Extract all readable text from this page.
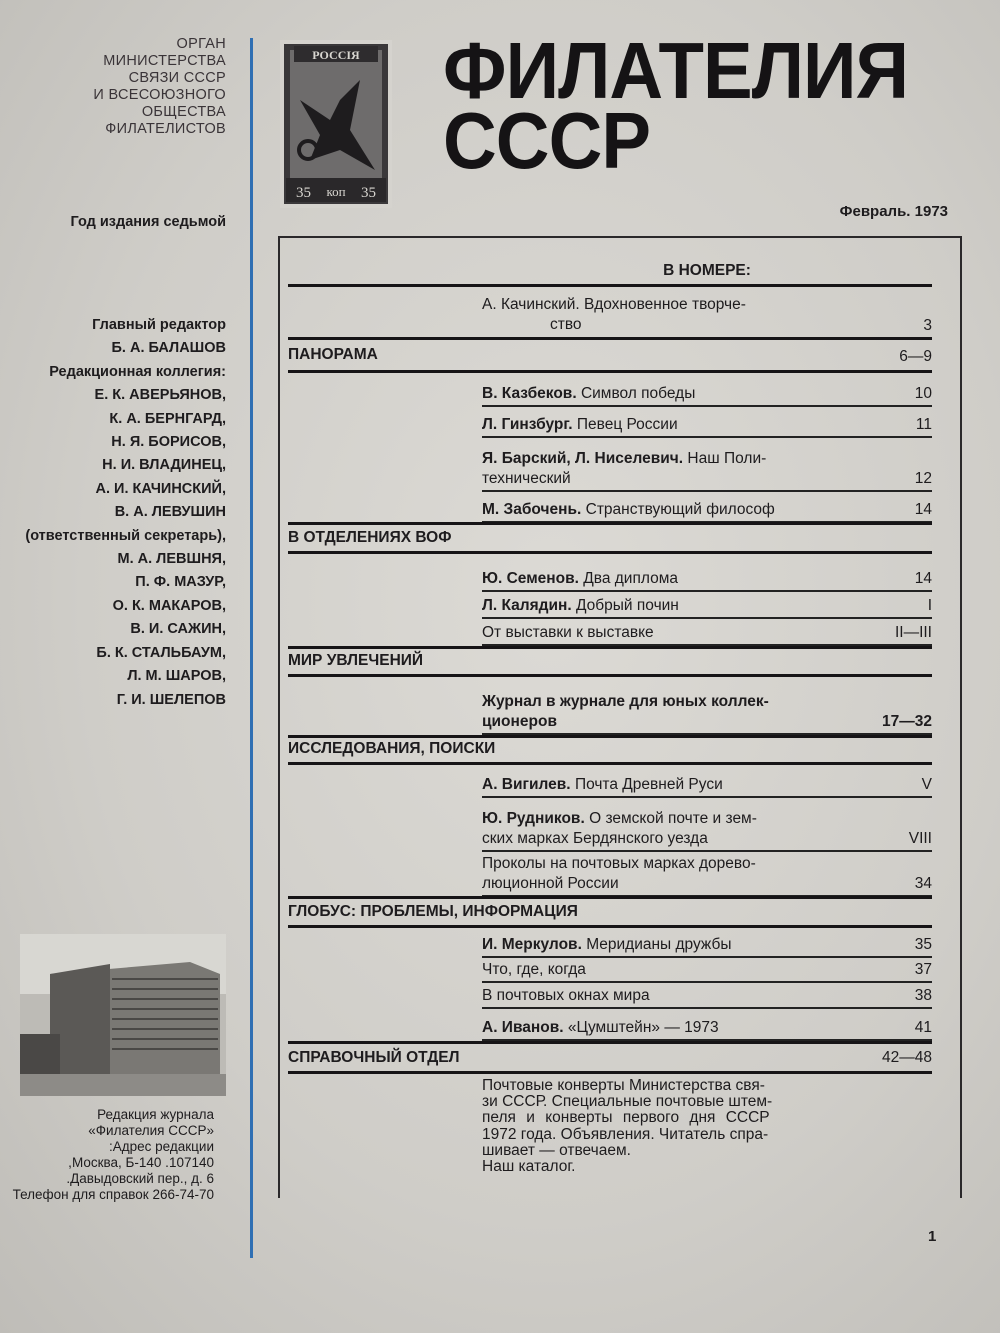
ОРГАН
МИНИСТЕРСТВА
СВЯЗИ СССР
И ВСЕСОЮЗНОГО
ОБЩЕСТВА
ФИЛАТЕЛИСТОВ
Год издания седьмой
Главный редактор
Б. А. БАЛАШОВ
Редакционная коллегия:
Е. К. АВЕРЬЯНОВ,
К. А. БЕРНГАРД,
Н. Я. БОРИСОВ,
Н. И. ВЛАДИНЕЦ,
А. И. КАЧИНСКИЙ,
В. А. ЛЕВУШИН
(ответственный секретарь),
М. А. ЛЕВШНЯ,
П. Ф. МАЗУР,
О. К. МАКАРОВ,
В. И. САЖИН,
Б. К. СТАЛЬБАУМ,
Л. М. ШАРОВ,
Г. И. ШЕЛЕПОВ
Редакция журнала
«Филателия СССР»
Адрес редакции:
107140. Москва, Б-140,
Давыдовский пер., д. 6.
Телефон для справок 266-74-70
РОССIЯ
35 коп 35
ФИЛАТЕЛИЯ
СССР
Февраль. 1973
В НОМЕРЕ:
А. Качинский. Вдохновенное творче-
ство	3
ПАНОРАМА	6—9
В. Казбеков. Символ победы	10
Л. Гинзбург. Певец России	11
Я. Барский, Л. Ниселевич. Наш Поли-
технический	12
М. Забочень. Странствующий философ	14
В ОТДЕЛЕНИЯХ ВОФ
Ю. Семенов. Два диплома	14
Л. Калядин. Добрый почин	I
От выставки к выставке	II—III
МИР УВЛЕЧЕНИЙ
Журнал в журнале для юных коллек-
ционеров	17—32
ИССЛЕДОВАНИЯ, ПОИСКИ
А. Вигилев. Почта Древней Руси	V
Ю. Рудников. О земской почте и зем-
ских марках Бердянского уезда	VIII
Проколы на почтовых марках дорево-
люционной России	34
ГЛОБУС: ПРОБЛЕМЫ, ИНФОРМАЦИЯ
И. Меркулов. Меридианы дружбы	35
Что, где, когда	37
В почтовых окнах мира	38
А. Иванов. «Цумштейн» — 1973	41
СПРАВОЧНЫЙ ОТДЕЛ	42—48
Почтовые конверты Министерства свя-
зи СССР. Специальные почтовые штем-
пеля и конверты первого дня СССР
1972 года. Объявления. Читатель спра-
шивает — отвечаем.
Наш каталог.
1
